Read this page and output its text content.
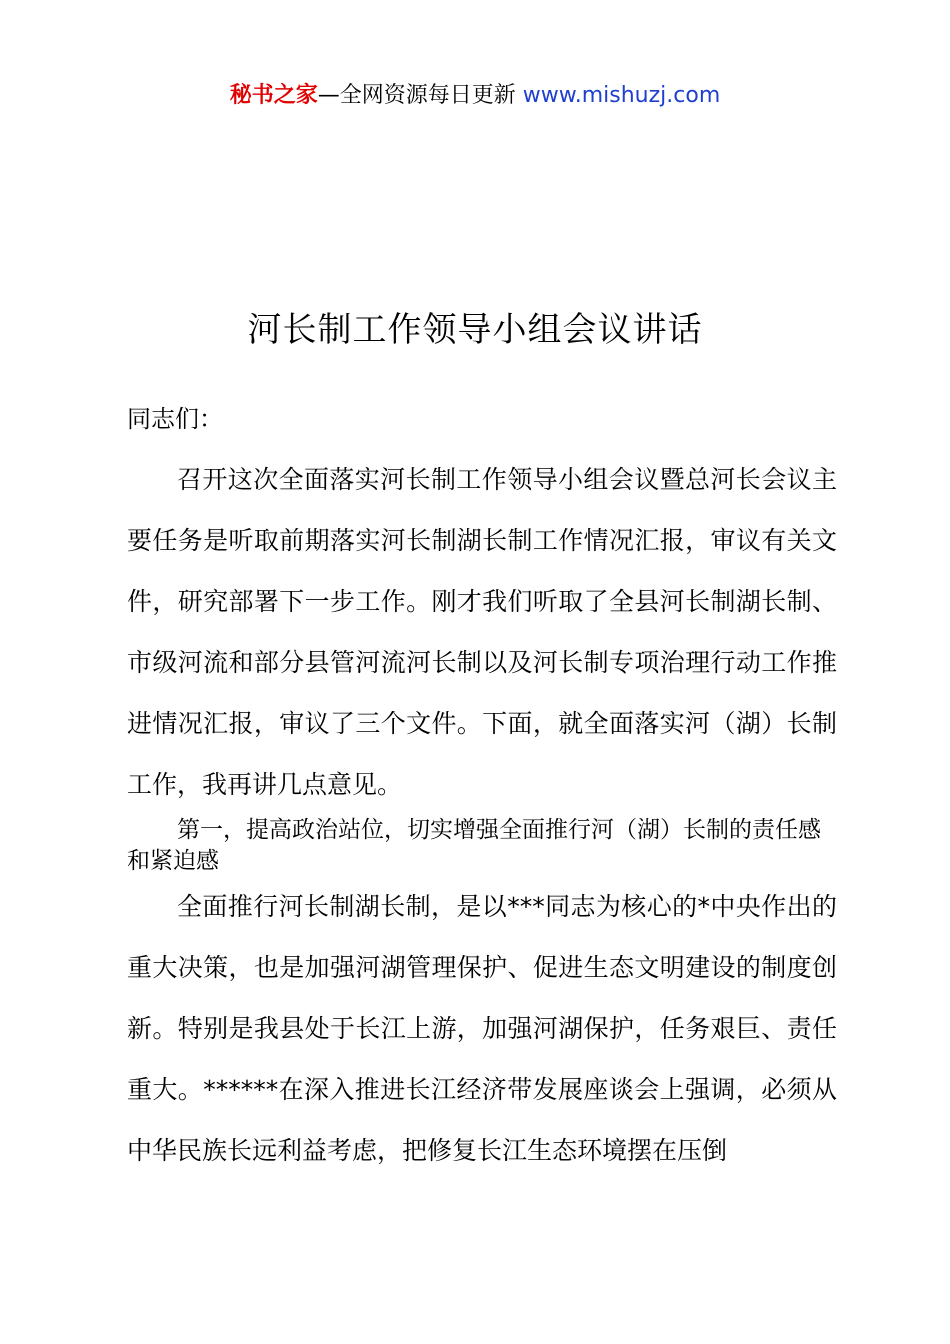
秘书之家—全网资源每日更新 www.mishuzj.com
河长制工作领导小组会议讲话
同志们：

召开这次全面落实河长制工作领导小组会议暨总河长会议主要任务是听取前期落实河长制湖长制工作情况汇报，审议有关文件，研究部署下一步工作。刚才我们听取了全县河长制湖长制、市级河流和部分县管河流河长制以及河长制专项治理行动工作推进情况汇报，审议了三个文件。下面，就全面落实河（湖）长制工作，我再讲几点意见。

第一，提高政治站位，切实增强全面推行河（湖）长制的责任感和紧迫感

全面推行河长制湖长制，是以***同志为核心的*中央作出的重大决策，也是加强河湖管理保护、促进生态文明建设的制度创新。特别是我县处于长江上游，加强河湖保护，任务艰巨、责任重大。******在深入推进长江经济带发展座谈会上强调，必须从中华民族长远利益考虑，把修复长江生态环境摆在压倒
